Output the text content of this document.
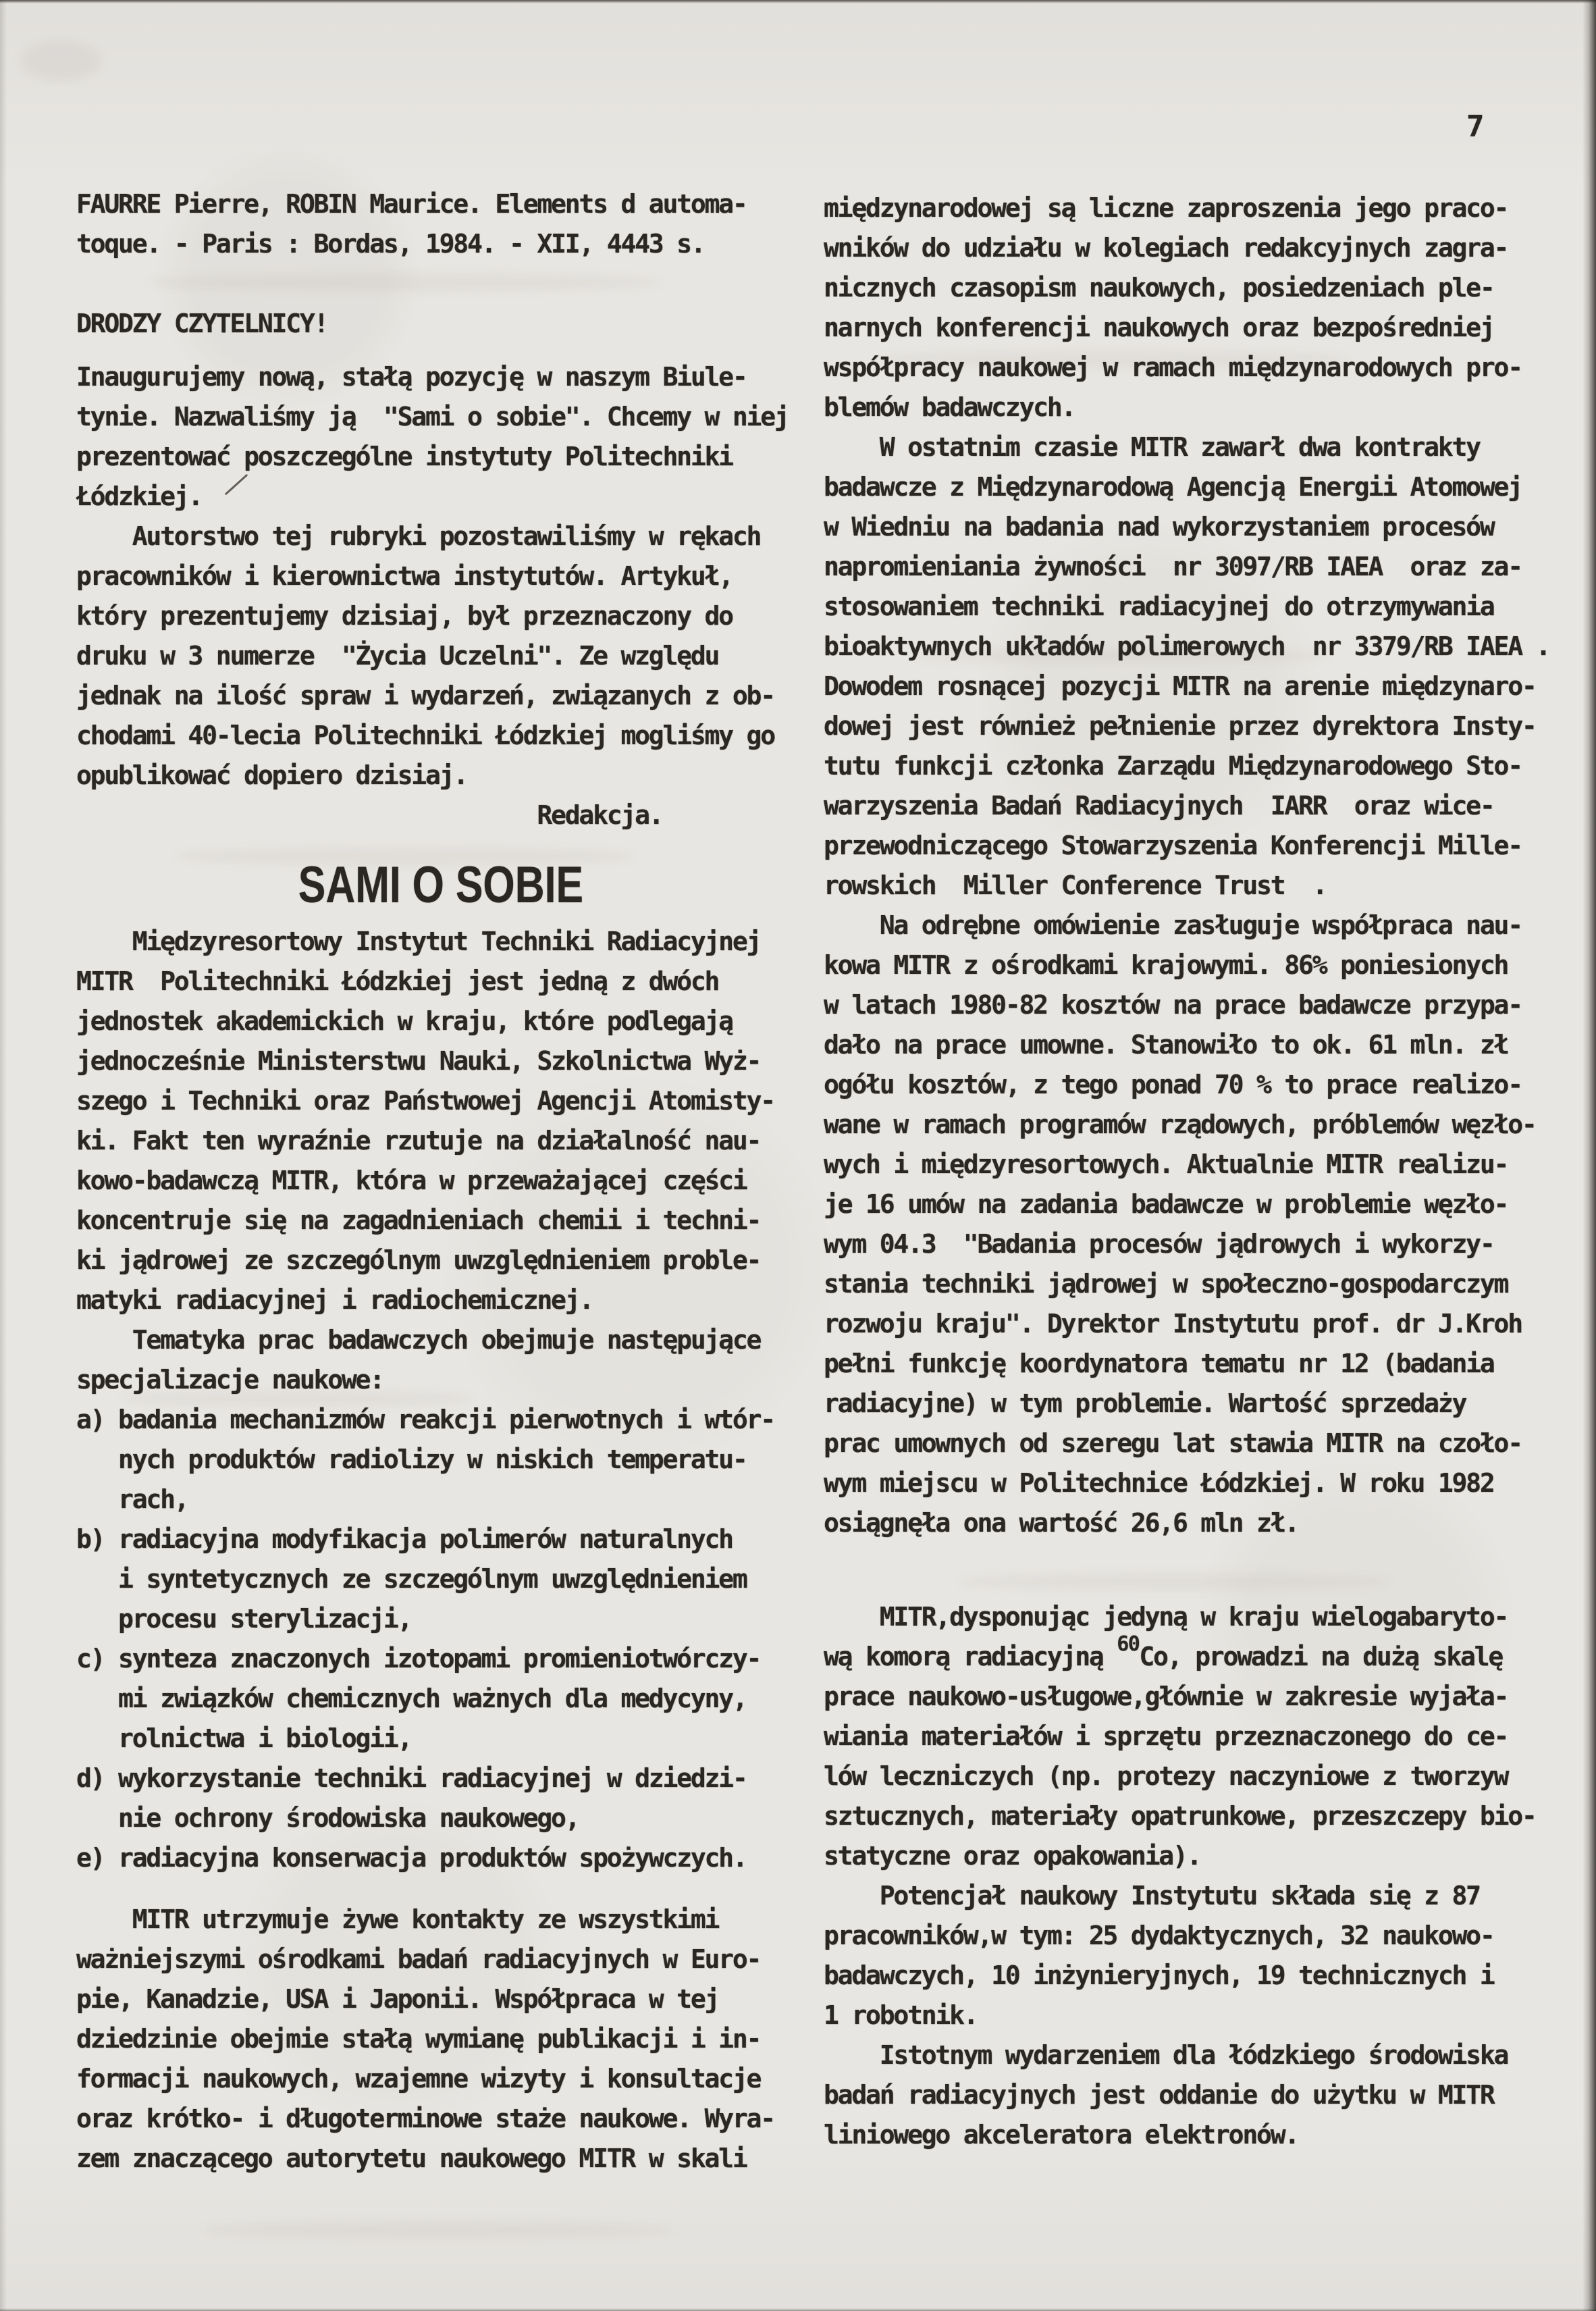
7
FAURRE Pierre, ROBIN Maurice. Elements d automa-
toque. - Paris : Bordas, 1984. - XII, 4443 s.
DRODZY CZYTELNICY!
Inaugurujemy nową, stałą pozycję w naszym Biule-
tynie. Nazwaliśmy ją  "Sami o sobie". Chcemy w niej
prezentować poszczególne instytuty Politechniki
Łódzkiej.
Autorstwo tej rubryki pozostawiliśmy w rękach
pracowników i kierownictwa instytutów. Artykuł,
który prezentujemy dzisiaj, był przeznaczony do
druku w 3 numerze  "Życia Uczelni". Ze względu
jednak na ilość spraw i wydarzeń, związanych z ob-
chodami 40-lecia Politechniki Łódzkiej mogliśmy go
opublikować dopiero dzisiaj.
Redakcja.
SAMI O SOBIE
Międzyresortowy Instytut Techniki Radiacyjnej
MITR  Politechniki Łódzkiej jest jedną z dwóch
jednostek akademickich w kraju, które podlegają
jednocześnie Ministerstwu Nauki, Szkolnictwa Wyż-
szego i Techniki oraz Państwowej Agencji Atomisty-
ki. Fakt ten wyraźnie rzutuje na działalność nau-
kowo-badawczą MITR, która w przeważającej części
koncentruje się na zagadnieniach chemii i techni-
ki jądrowej ze szczególnym uwzględnieniem proble-
matyki radiacyjnej i radiochemicznej.
Tematyka prac badawczych obejmuje następujące
specjalizacje naukowe:
a) badania mechanizmów reakcji pierwotnych i wtór-
nych produktów radiolizy w niskich temperatu-
rach,
b) radiacyjna modyfikacja polimerów naturalnych
i syntetycznych ze szczególnym uwzględnieniem
procesu sterylizacji,
c) synteza znaczonych izotopami promieniotwórczy-
mi związków chemicznych ważnych dla medycyny,
rolnictwa i biologii,
d) wykorzystanie techniki radiacyjnej w dziedzi-
nie ochrony środowiska naukowego,
e) radiacyjna konserwacja produktów spożywczych.
MITR utrzymuje żywe kontakty ze wszystkimi
ważniejszymi ośrodkami badań radiacyjnych w Euro-
pie, Kanadzie, USA i Japonii. Współpraca w tej
dziedzinie obejmie stałą wymianę publikacji i in-
formacji naukowych, wzajemne wizyty i konsultacje
oraz krótko- i długoterminowe staże naukowe. Wyra-
zem znaczącego autorytetu naukowego MITR w skali
międzynarodowej są liczne zaproszenia jego praco-
wników do udziału w kolegiach redakcyjnych zagra-
nicznych czasopism naukowych, posiedzeniach ple-
narnych konferencji naukowych oraz bezpośredniej
współpracy naukowej w ramach międzynarodowych pro-
blemów badawczych.
W ostatnim czasie MITR zawarł dwa kontrakty
badawcze z Międzynarodową Agencją Energii Atomowej
w Wiedniu na badania nad wykorzystaniem procesów
napromieniania żywności  nr 3097/RB IAEA  oraz za-
stosowaniem techniki radiacyjnej do otrzymywania
bioaktywnych układów polimerowych  nr 3379/RB IAEA .
Dowodem rosnącej pozycji MITR na arenie międzynaro-
dowej jest również pełnienie przez dyrektora Insty-
tutu funkcji członka Zarządu Międzynarodowego Sto-
warzyszenia Badań Radiacyjnych  IARR  oraz wice-
przewodniczącego Stowarzyszenia Konferencji Mille-
rowskich  Miller Conference Trust  .
Na odrębne omówienie zasługuje współpraca nau-
kowa MITR z ośrodkami krajowymi. 86% poniesionych
w latach 1980-82 kosztów na prace badawcze przypa-
dało na prace umowne. Stanowiło to ok. 61 mln. zł
ogółu kosztów, z tego ponad 70 % to prace realizo-
wane w ramach programów rządowych, próblemów węzło-
wych i międzyresortowych. Aktualnie MITR realizu-
je 16 umów na zadania badawcze w problemie węzło-
wym 04.3  "Badania procesów jądrowych i wykorzy-
stania techniki jądrowej w społeczno-gospodarczym
rozwoju kraju". Dyrektor Instytutu prof. dr J.Kroh
pełni funkcję koordynatora tematu nr 12 (badania
radiacyjne) w tym problemie. Wartość sprzedaży
prac umownych od szeregu lat stawia MITR na czoło-
wym miejscu w Politechnice Łódzkiej. W roku 1982
osiągnęła ona wartość 26,6 mln zł.
MITR,dysponując jedyną w kraju wielogabaryto-
wą komorą radiacyjną 60Co, prowadzi na dużą skalę
prace naukowo-usługowe,głównie w zakresie wyjała-
wiania materiałów i sprzętu przeznaczonego do ce-
lów leczniczych (np. protezy naczyniowe z tworzyw
sztucznych, materiały opatrunkowe, przeszczepy bio-
statyczne oraz opakowania).
Potencjał naukowy Instytutu składa się z 87
pracowników,w tym: 25 dydaktycznych, 32 naukowo-
badawczych, 10 inżynieryjnych, 19 technicznych i
1 robotnik.
Istotnym wydarzeniem dla łódzkiego środowiska
badań radiacyjnych jest oddanie do użytku w MITR
liniowego akceleratora elektronów.
